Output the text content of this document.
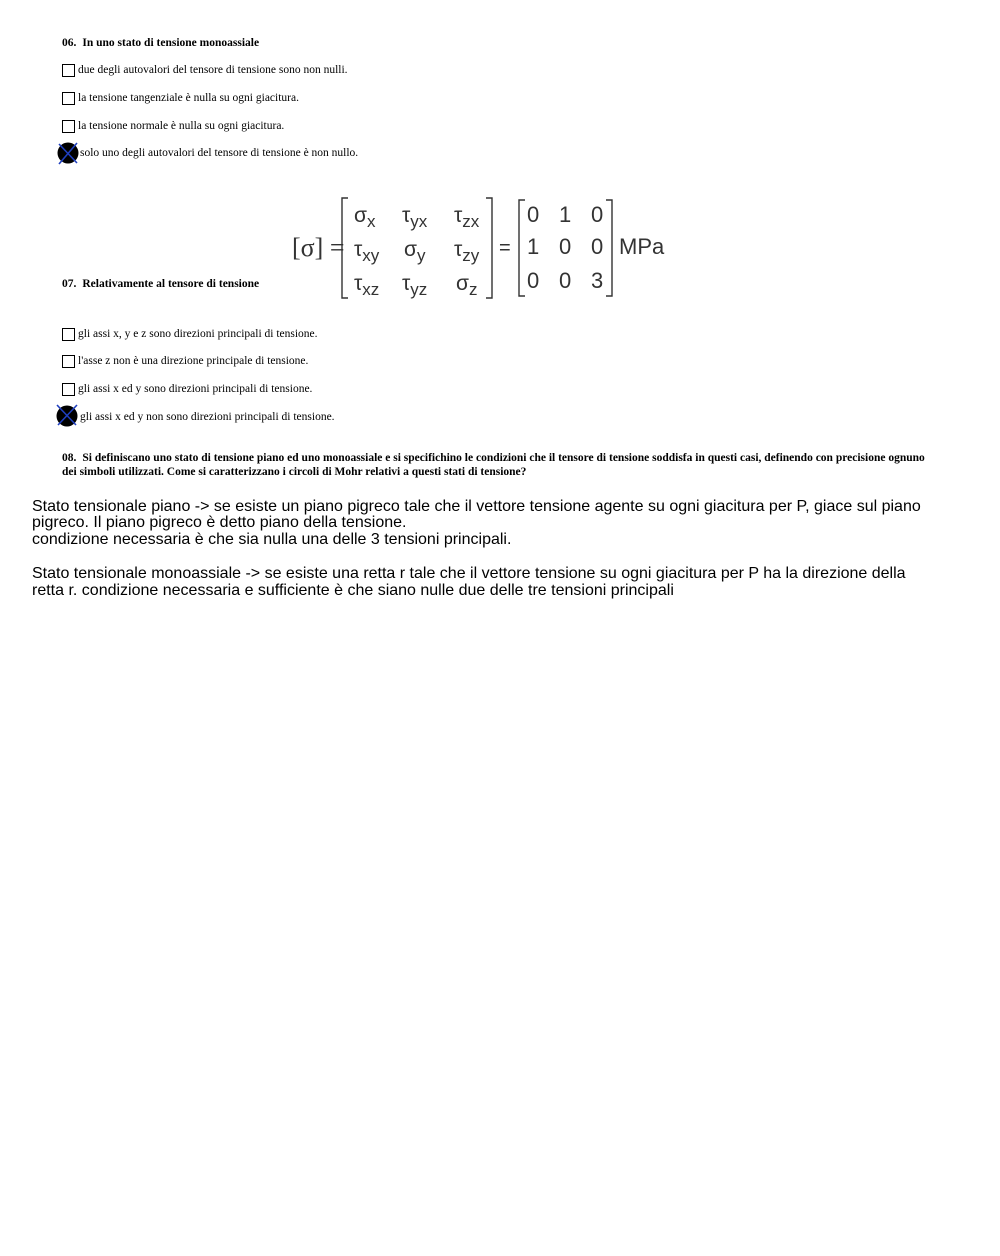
06. In uno stato di tensione monoassiale
due degli autovalori del tensore di tensione sono non nulli.
la tensione tangenziale è nulla su ogni giacitura.
la tensione normale è nulla su ogni giacitura.
solo uno degli autovalori del tensore di tensione è non nullo.
07. Relativamente al tensore di tensione
[σ] =	=
$\sigma_x$ $\tau_{yx}$ $\tau_{zx}$
$\tau_{xy}$ $\sigma_y$ $\tau_{zy}$
$\tau_{xz}$ $\tau_{yz}$ $\sigma_z$
0 1 0
1 0 0
0 0 3
MPa
gli assi x, y e z sono direzioni principali di tensione.
l'asse z non è una direzione principale di tensione.
gli assi x ed y sono direzioni principali di tensione.
gli assi x ed y non sono direzioni principali di tensione.
08. Si definiscano uno stato di tensione piano ed uno monoassiale e si specifichino le condizioni che il tensore di tensione soddisfa in questi casi, definendo con precisione ognuno dei simboli utilizzati. Come si caratterizzano i circoli di Mohr relativi a questi stati di tensione?
Stato tensionale piano -> se esiste un piano pigreco tale che il vettore tensione agente su ogni giacitura per P, giace sul piano
pigreco. Il piano pigreco è detto piano della tensione.
condizione necessaria è che sia nulla una delle 3 tensioni principali.
Stato tensionale monoassiale -> se esiste una retta r tale che il vettore tensione su ogni giacitura per P ha la direzione della
retta r. condizione necessaria e sufficiente è che siano nulle due delle tre tensioni principali
